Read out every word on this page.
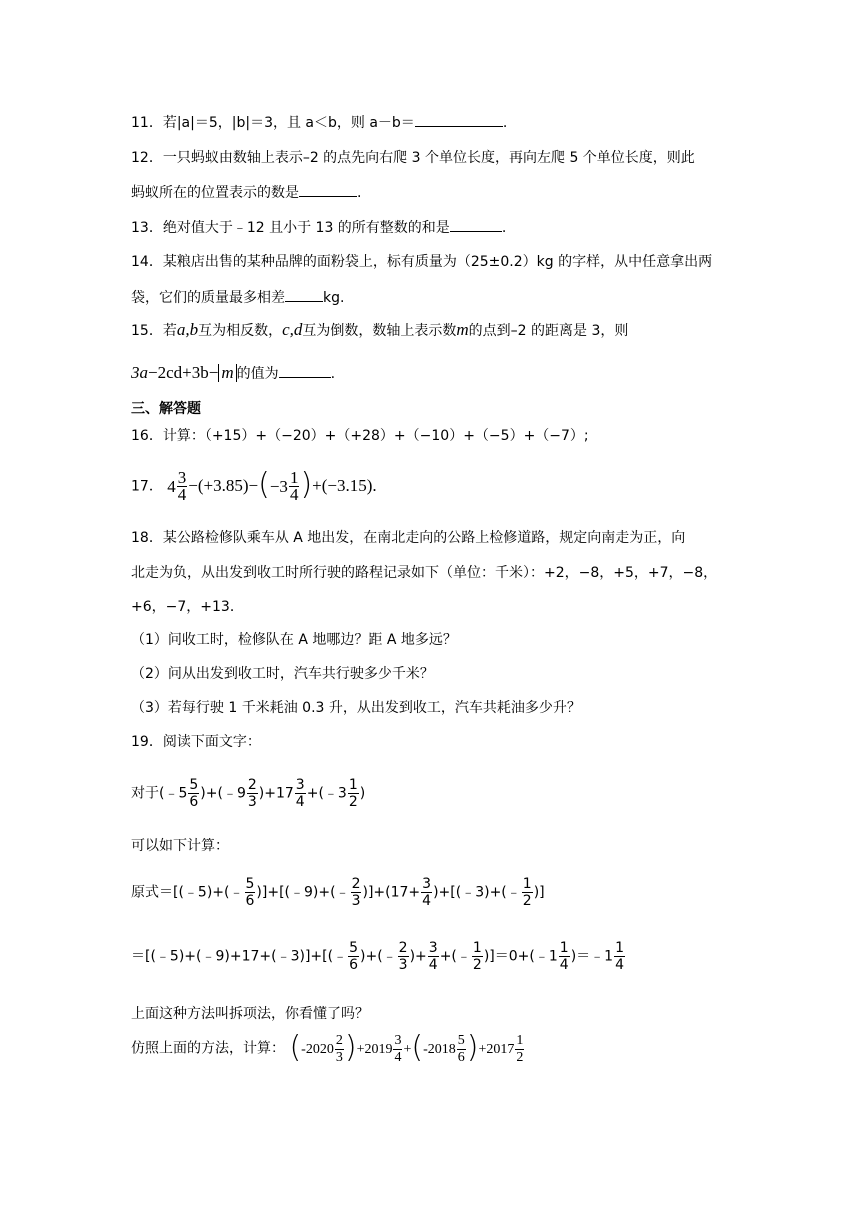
11．若|a|＝5，|b|＝3，且 a＜b，则 a－b＝	.
12．一只蚂蚁由数轴上表示–2 的点先向右爬 3 个单位长度，再向左爬 5 个单位长度，则此
蚂蚁所在的位置表示的数是	.
13．绝对值大于﹣12 且小于 13 的所有整数的和是	.
14．某粮店出售的某种品牌的面粉袋上，标有质量为（25±0.2）kg 的字样，从中任意拿出两
袋，它们的质量最多相差	kg.
15．若a,b互为相反数，c,d互为倒数，数轴上表示数m的点到–2 的距离是 3，则
3a−2cd+3b− m 的值为	.
三、解答题
16．计算：（+15）+（−20）+（+28）+（−10）+（−5）+（−7）;
17． $4 \frac{3}{4} -(+3.85)-( -3 \frac{1}{4} )+(-3.15)$.
18．某公路检修队乘车从 A 地出发，在南北走向的公路上检修道路，规定向南走为正，向
北走为负，从出发到收工时所行驶的路程记录如下（单位：千米）：+2，−8，+5，+7，−8，
+6，−7，+13．
（1）问收工时，检修队在 A 地哪边？距 A 地多远？
（2）问从出发到收工时，汽车共行驶多少千米？
（3）若每行驶 1 千米耗油 0.3 升，从出发到收工，汽车共耗油多少升？
19．阅读下面文字：
对于(﹣5 $\frac{5}{6}$ )+(﹣9 $\frac{2}{3} )+17 \frac{3}{4}$ +(﹣3 $\frac{1}{2}$ )
可以如下计算：
原式＝[(﹣5)+(﹣ $\frac{5}{6}$ )]+[(﹣9)+(﹣ $\frac{2}{3} )]+(17+ \frac{3}{4}$ )+[(﹣3)+(﹣ $\frac{1}{2}$ )]
＝[(﹣5)+(﹣9)+17+(﹣3)]+[(﹣ $\frac{5}{6}$ )+(﹣ $\frac{2}{3}$ )+ $\frac{3}{4}$ +(﹣ $\frac{1}{2}$ )]＝0+(﹣1 $\frac{1}{4}$ )＝﹣1 $\frac{1}{4}$
上面这种方法叫拆项法，你看懂了吗？
仿照上面的方法，计算： ( $-2020 \frac{2}{3}$ ) $+2019 \frac{3}{4}$ +( $-2018 \frac{5}{6}$ ) $+2017 \frac{1}{2}$
